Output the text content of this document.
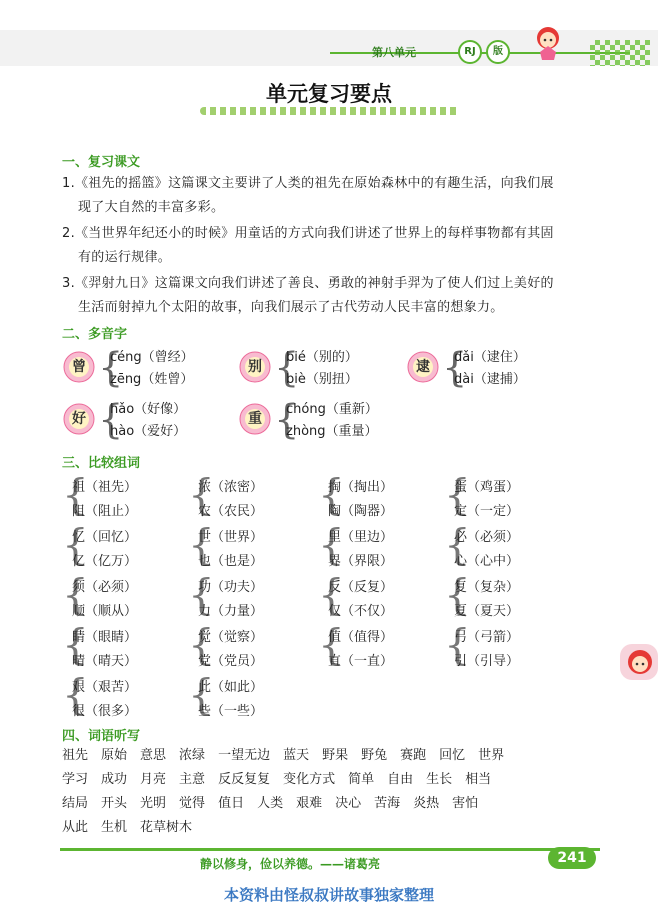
第八单元	RJ	版
单元复习要点
一、复习课文
1.《祖先的摇篮》这篇课文主要讲了人类的祖先在原始森林中的有趣生活，向我们展
现了大自然的丰富多彩。
2.《当世界年纪还小的时候》用童话的方式向我们讲述了世界上的每样事物都有其固
有的运行规律。
3.《羿射九日》这篇课文向我们讲述了善良、勇敢的神射手羿为了使人们过上美好的
生活而射掉九个太阳的故事，向我们展示了古代劳动人民丰富的想象力。
二、多音字
曾 {
céng（曾经）
zēng（姓曾）
别 {
bié（别的）
biè（别扭）
逮 {
dǎi（逮住）
dài（逮捕）
好 {
hǎo（好像）
hào（爱好）
重 {
chóng（重新）
zhòng（重量）
三、比较组词
{
祖（祖先）
阻（阻止） {
浓（浓密）
农（农民） {
掏（掏出）
陶（陶器） {
蛋（鸡蛋）
定（一定）
{
忆（回忆）
亿（亿万） {
世（世界）
也（也是） {
里（里边）
界（界限） {
必（必须）
心（心中）
{
须（必须）
顺（顺从） {
功（功夫）
力（力量） {
反（反复）
仅（不仅） {
复（复杂）
夏（夏天）
{
睛（眼睛）
晴（晴天） {
觉（觉察）
党（党员） {
值（值得）
直（一直） {
弓（弓箭）
引（引导）
{
艰（艰苦）
很（很多） {
此（如此）
些（一些）
四、词语听写
祖先 原始 意思 浓绿 一望无边 蓝天 野果 野兔 赛跑 回忆 世界
学习 成功 月亮 主意 反反复复 变化方式 简单 自由 生长 相当
结局 开头 光明 觉得 值日 人类 艰难 决心 苦海 炎热 害怕
从此 生机 花草树木
静以修身，俭以养德。——诸葛亮	241
本资料由怪叔叔讲故事独家整理
